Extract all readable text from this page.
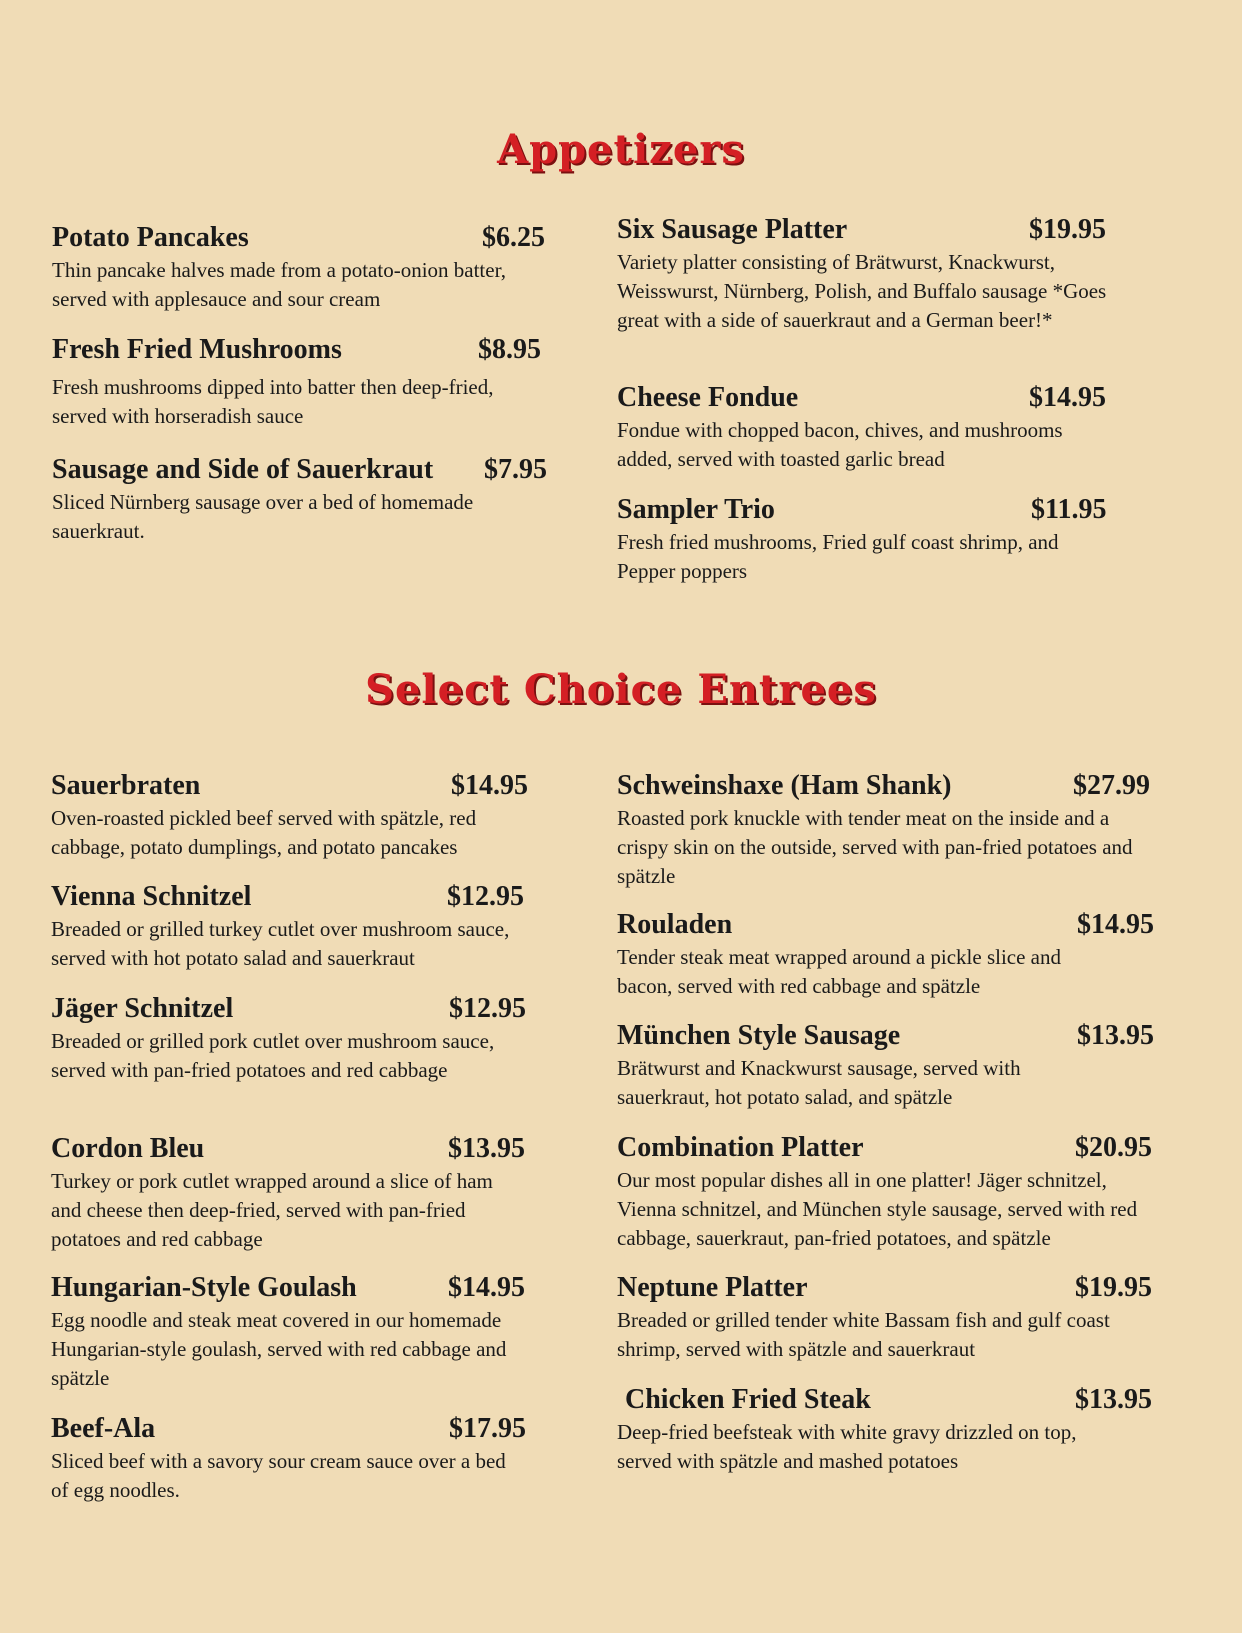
Appetizers
Potato Pancakes	$6.25
Thin pancake halves made from a potato-onion batter, served with applesauce and sour cream
Fresh Fried Mushrooms	$8.95
Fresh mushrooms dipped into batter then deep-fried, served with horseradish sauce
Sausage and Side of Sauerkraut $7.95
Sliced Nürnberg sausage over a bed of homemade sauerkraut.
Six Sausage Platter	$19.95
Variety platter consisting of Brätwurst, Knackwurst, Weisswurst, Nürnberg, Polish, and Buffalo sausage *Goes great with a side of sauerkraut and a German beer!*
Cheese Fondue	$14.95
Fondue with chopped bacon, chives, and mushrooms added, served with toasted garlic bread
Sampler Trio	$11.95
Fresh fried mushrooms, Fried gulf coast shrimp, and Pepper poppers
Select Choice Entrees
Sauerbraten	$14.95
Oven-roasted pickled beef served with spätzle, red cabbage, potato dumplings, and potato pancakes
Vienna Schnitzel	$12.95
Breaded or grilled turkey cutlet over mushroom sauce, served with hot potato salad and sauerkraut
Jäger Schnitzel	$12.95
Breaded or grilled pork cutlet over mushroom sauce, served with pan-fried potatoes and red cabbage
Cordon Bleu	$13.95
Turkey or pork cutlet wrapped around a slice of ham and cheese then deep-fried, served with pan-fried potatoes and red cabbage
Hungarian-Style Goulash	$14.95
Egg noodle and steak meat covered in our homemade Hungarian-style goulash, served with red cabbage and spätzle
Beef-Ala	$17.95
Sliced beef with a savory sour cream sauce over a bed of egg noodles.
Schweinshaxe (Ham Shank)	$27.99
Roasted pork knuckle with tender meat on the inside and a crispy skin on the outside, served with pan-fried potatoes and spätzle
Rouladen	$14.95
Tender steak meat wrapped around a pickle slice and bacon, served with red cabbage and spätzle
München Style Sausage	$13.95
Brätwurst and Knackwurst sausage, served with sauerkraut, hot potato salad, and spätzle
Combination Platter	$20.95
Our most popular dishes all in one platter! Jäger schnitzel, Vienna schnitzel, and München style sausage, served with red cabbage, sauerkraut, pan-fried potatoes, and spätzle
Neptune Platter	$19.95
Breaded or grilled tender white Bassam fish and gulf coast shrimp, served with spätzle and sauerkraut
Chicken Fried Steak	$13.95
Deep-fried beefsteak with white gravy drizzled on top, served with spätzle and mashed potatoes
